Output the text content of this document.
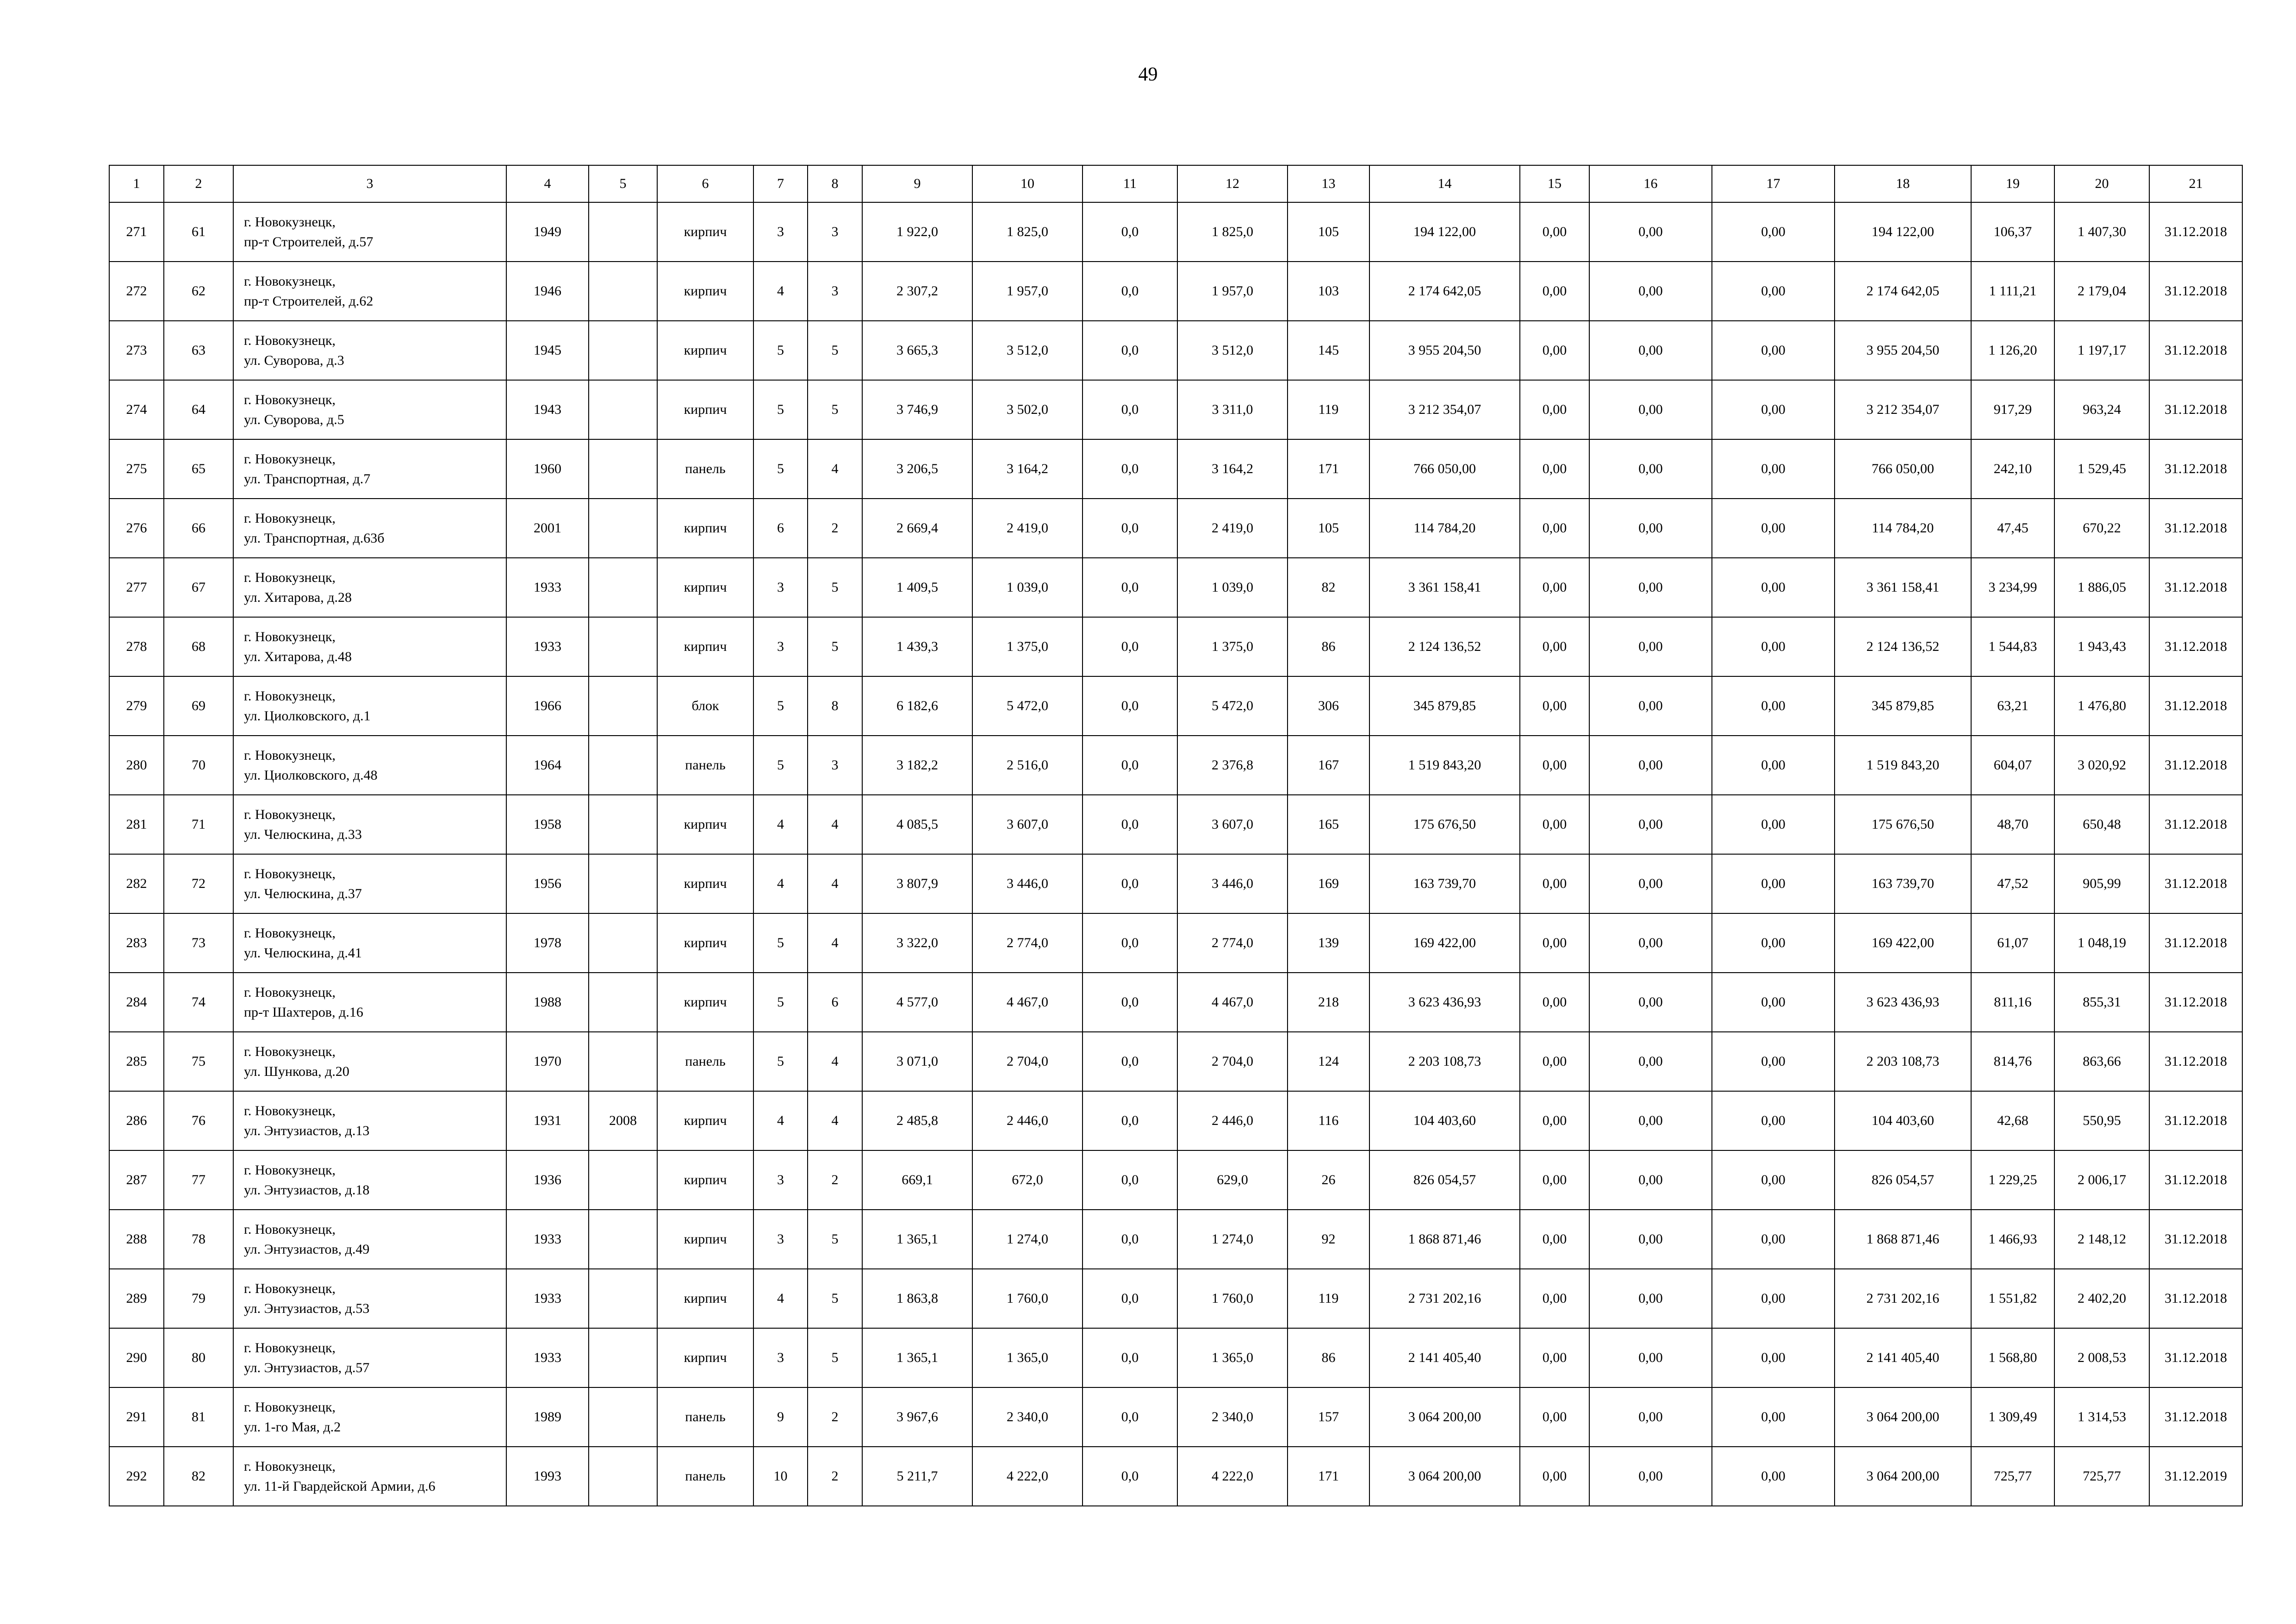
49
1	2	3	4	5	6	7	8	9	10	11	12	13	14	15	16	17	18	19	20	21
271	61	г. Новокузнецк,
пр-т Строителей, д.57	1949		кирпич	3	3	1 922,0	1 825,0	0,0	1 825,0	105	194 122,00	0,00	0,00	0,00	194 122,00	106,37	1 407,30	31.12.2018
272	62	г. Новокузнецк,
пр-т Строителей, д.62	1946		кирпич	4	3	2 307,2	1 957,0	0,0	1 957,0	103	2 174 642,05	0,00	0,00	0,00	2 174 642,05	1 111,21	2 179,04	31.12.2018
273	63	г. Новокузнецк,
ул. Суворова, д.3	1945		кирпич	5	5	3 665,3	3 512,0	0,0	3 512,0	145	3 955 204,50	0,00	0,00	0,00	3 955 204,50	1 126,20	1 197,17	31.12.2018
274	64	г. Новокузнецк,
ул. Суворова, д.5	1943		кирпич	5	5	3 746,9	3 502,0	0,0	3 311,0	119	3 212 354,07	0,00	0,00	0,00	3 212 354,07	917,29	963,24	31.12.2018
275	65	г. Новокузнецк,
ул. Транспортная, д.7	1960		панель	5	4	3 206,5	3 164,2	0,0	3 164,2	171	766 050,00	0,00	0,00	0,00	766 050,00	242,10	1 529,45	31.12.2018
276	66	г. Новокузнецк,
ул. Транспортная, д.63б	2001		кирпич	6	2	2 669,4	2 419,0	0,0	2 419,0	105	114 784,20	0,00	0,00	0,00	114 784,20	47,45	670,22	31.12.2018
277	67	г. Новокузнецк,
ул. Хитарова, д.28	1933		кирпич	3	5	1 409,5	1 039,0	0,0	1 039,0	82	3 361 158,41	0,00	0,00	0,00	3 361 158,41	3 234,99	1 886,05	31.12.2018
278	68	г. Новокузнецк,
ул. Хитарова, д.48	1933		кирпич	3	5	1 439,3	1 375,0	0,0	1 375,0	86	2 124 136,52	0,00	0,00	0,00	2 124 136,52	1 544,83	1 943,43	31.12.2018
279	69	г. Новокузнецк,
ул. Циолковского, д.1	1966		блок	5	8	6 182,6	5 472,0	0,0	5 472,0	306	345 879,85	0,00	0,00	0,00	345 879,85	63,21	1 476,80	31.12.2018
280	70	г. Новокузнецк,
ул. Циолковского, д.48	1964		панель	5	3	3 182,2	2 516,0	0,0	2 376,8	167	1 519 843,20	0,00	0,00	0,00	1 519 843,20	604,07	3 020,92	31.12.2018
281	71	г. Новокузнецк,
ул. Челюскина, д.33	1958		кирпич	4	4	4 085,5	3 607,0	0,0	3 607,0	165	175 676,50	0,00	0,00	0,00	175 676,50	48,70	650,48	31.12.2018
282	72	г. Новокузнецк,
ул. Челюскина, д.37	1956		кирпич	4	4	3 807,9	3 446,0	0,0	3 446,0	169	163 739,70	0,00	0,00	0,00	163 739,70	47,52	905,99	31.12.2018
283	73	г. Новокузнецк,
ул. Челюскина, д.41	1978		кирпич	5	4	3 322,0	2 774,0	0,0	2 774,0	139	169 422,00	0,00	0,00	0,00	169 422,00	61,07	1 048,19	31.12.2018
284	74	г. Новокузнецк,
пр-т Шахтеров, д.16	1988		кирпич	5	6	4 577,0	4 467,0	0,0	4 467,0	218	3 623 436,93	0,00	0,00	0,00	3 623 436,93	811,16	855,31	31.12.2018
285	75	г. Новокузнецк,
ул. Шункова, д.20	1970		панель	5	4	3 071,0	2 704,0	0,0	2 704,0	124	2 203 108,73	0,00	0,00	0,00	2 203 108,73	814,76	863,66	31.12.2018
286	76	г. Новокузнецк,
ул. Энтузиастов, д.13	1931	2008	кирпич	4	4	2 485,8	2 446,0	0,0	2 446,0	116	104 403,60	0,00	0,00	0,00	104 403,60	42,68	550,95	31.12.2018
287	77	г. Новокузнецк,
ул. Энтузиастов, д.18	1936		кирпич	3	2	669,1	672,0	0,0	629,0	26	826 054,57	0,00	0,00	0,00	826 054,57	1 229,25	2 006,17	31.12.2018
288	78	г. Новокузнецк,
ул. Энтузиастов, д.49	1933		кирпич	3	5	1 365,1	1 274,0	0,0	1 274,0	92	1 868 871,46	0,00	0,00	0,00	1 868 871,46	1 466,93	2 148,12	31.12.2018
289	79	г. Новокузнецк,
ул. Энтузиастов, д.53	1933		кирпич	4	5	1 863,8	1 760,0	0,0	1 760,0	119	2 731 202,16	0,00	0,00	0,00	2 731 202,16	1 551,82	2 402,20	31.12.2018
290	80	г. Новокузнецк,
ул. Энтузиастов, д.57	1933		кирпич	3	5	1 365,1	1 365,0	0,0	1 365,0	86	2 141 405,40	0,00	0,00	0,00	2 141 405,40	1 568,80	2 008,53	31.12.2018
291	81	г. Новокузнецк,
ул. 1-го Мая, д.2	1989		панель	9	2	3 967,6	2 340,0	0,0	2 340,0	157	3 064 200,00	0,00	0,00	0,00	3 064 200,00	1 309,49	1 314,53	31.12.2018
292	82	г. Новокузнецк,
ул. 11-й Гвардейской Армии, д.6	1993		панель	10	2	5 211,7	4 222,0	0,0	4 222,0	171	3 064 200,00	0,00	0,00	0,00	3 064 200,00	725,77	725,77	31.12.2019
